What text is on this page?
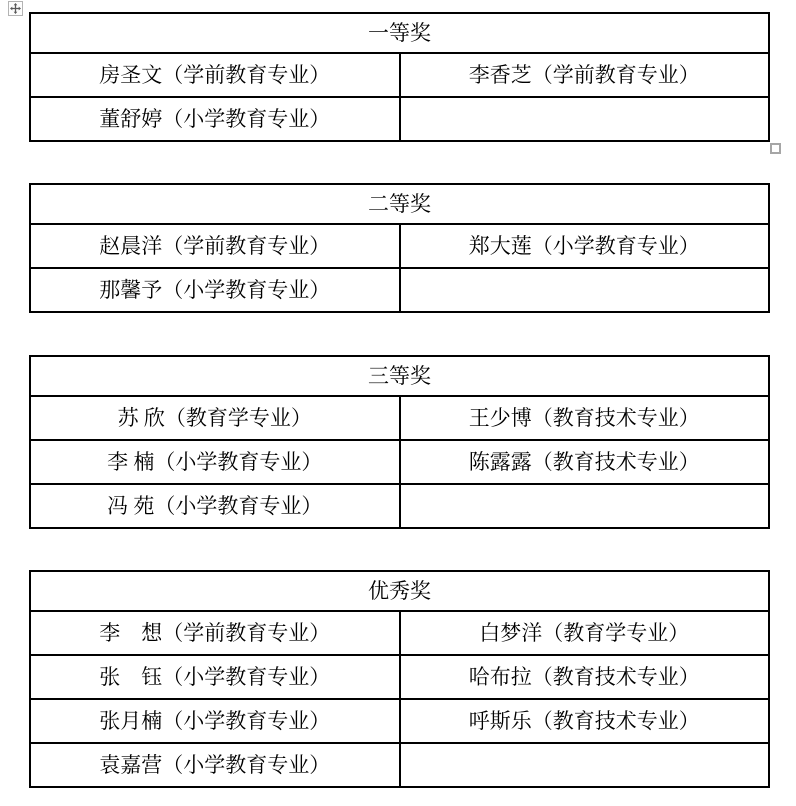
一等奖	
房圣文（学前教育专业）	李香芝（学前教育专业）
董舒婷（小学教育专业）	
二等奖	
赵晨洋（学前教育专业）	郑大莲（小学教育专业）
那馨予（小学教育专业）	
三等奖	
苏 欣（教育学专业）	王少博（教育技术专业）
李 楠（小学教育专业）	陈露露（教育技术专业）
冯 苑（小学教育专业）	
优秀奖	
李　想（学前教育专业）	白梦洋（教育学专业）
张　钰（小学教育专业）	哈布拉（教育技术专业）
张月楠（小学教育专业）	呼斯乐（教育技术专业）
袁嘉营（小学教育专业）	
